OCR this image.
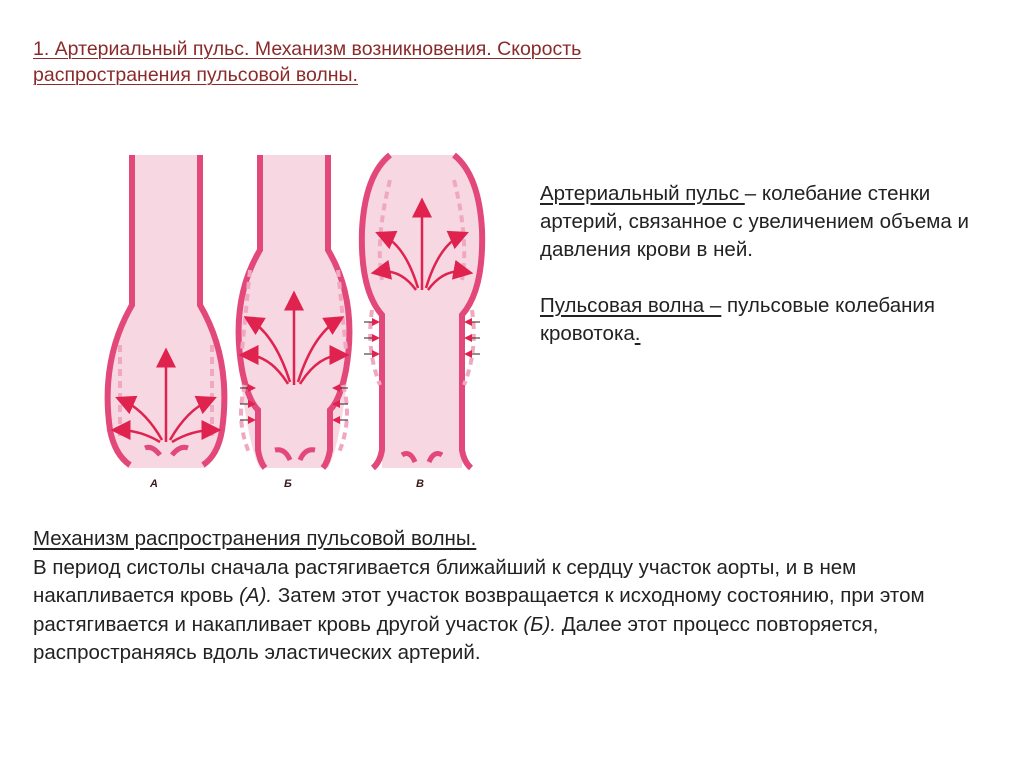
1. Артериальный пульс. Механизм возникновения. Скорость
распространения пульсовой волны.
А	Б	В

Артериальный пульс – колебание стенки артерий, связанное с увеличением объема и давления крови в ней.

Пульсовая волна – пульсовые колебания кровотока.

Механизм распространения пульсовой волны.
В период систолы сначала растягивается ближайший к сердцу участок аорты, и в нем накапливается кровь (А). Затем этот участок возвращается к исходному состоянию, при этом растягивается и накапливает кровь другой участок (Б). Далее этот процесс повторяется, распространяясь вдоль эластических артерий.
